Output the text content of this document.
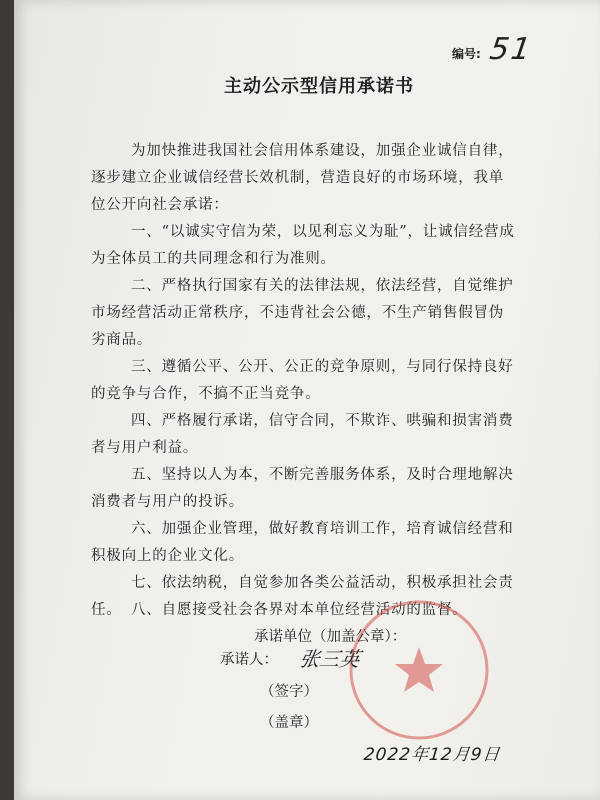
编号: 51
主动公示型信用承诺书
为加快推进我国社会信用体系建设，加强企业诚信自律，
逐步建立企业诚信经营长效机制，营造良好的市场环境，我单
位公开向社会承诺：
一、“以诚实守信为荣，以见利忘义为耻”，让诚信经营成
为全体员工的共同理念和行为准则。
二、严格执行国家有关的法律法规，依法经营，自觉维护
市场经营活动正常秩序，不违背社会公德，不生产销售假冒伪
劣商品。
三、遵循公平、公开、公正的竞争原则，与同行保持良好
的竞争与合作，不搞不正当竞争。
四、严格履行承诺，信守合同，不欺诈、哄骗和损害消费
者与用户利益。
五、坚持以人为本，不断完善服务体系，及时合理地解决
消费者与用户的投诉。
六、加强企业管理，做好教育培训工作，培育诚信经营和
积极向上的企业文化。
七、依法纳税，自觉参加各类公益活动，积极承担社会责
任。 八、自愿接受社会各界对本单位经营活动的监督。
承诺单位（加盖公章）：
承诺人： 张三英
（签字）
（盖章）
2022年12月9日
